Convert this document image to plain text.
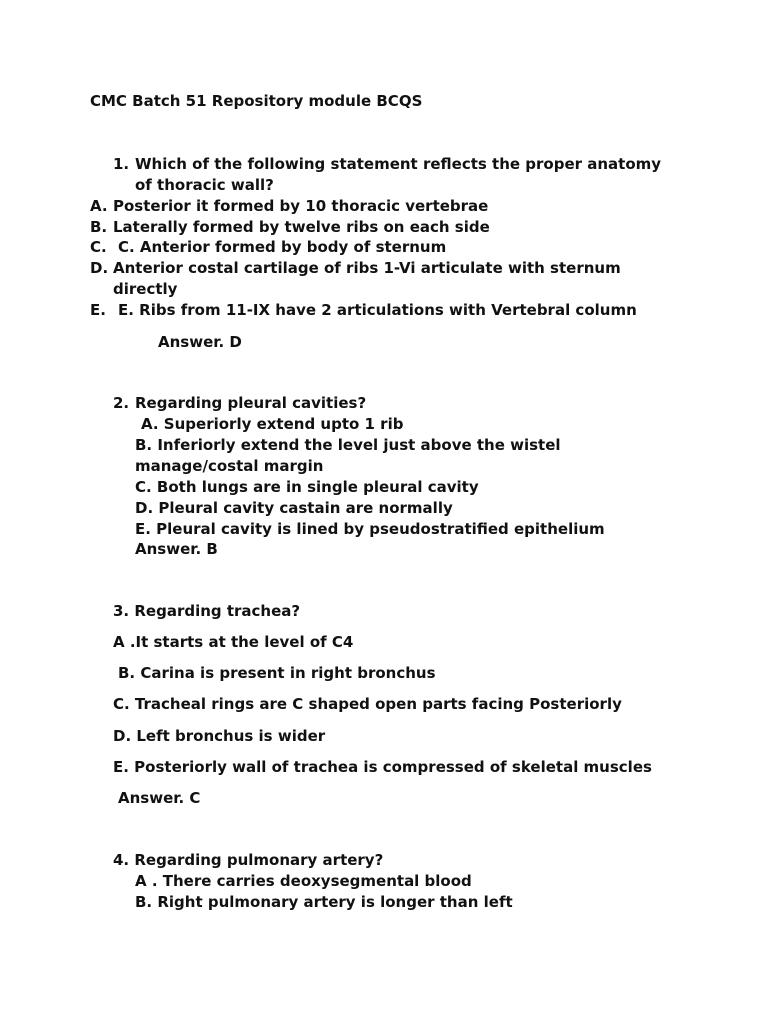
CMC Batch 51 Repository module BCQS
1. Which of the following statement reflects the proper anatomy
of thoracic wall?
A. Posterior it formed by 10 thoracic vertebrae
B. Laterally formed by twelve ribs on each side
C. C. Anterior formed by body of sternum
D. Anterior costal cartilage of ribs 1-Vi articulate with sternum
directly
E. E. Ribs from 11-IX have 2 articulations with Vertebral column
Answer. D
2. Regarding pleural cavities?
A. Superiorly extend upto 1 rib
B. Inferiorly extend the level just above the wistel
manage/costal margin
C. Both lungs are in single pleural cavity
D. Pleural cavity castain are normally
E. Pleural cavity is lined by pseudostratified epithelium
Answer. B
3. Regarding trachea?
A .It starts at the level of C4
B. Carina is present in right bronchus
C. Tracheal rings are C shaped open parts facing Posteriorly
D. Left bronchus is wider
E. Posteriorly wall of trachea is compressed of skeletal muscles
Answer. C
4. Regarding pulmonary artery?
A . There carries deoxysegmental blood
B. Right pulmonary artery is longer than left
